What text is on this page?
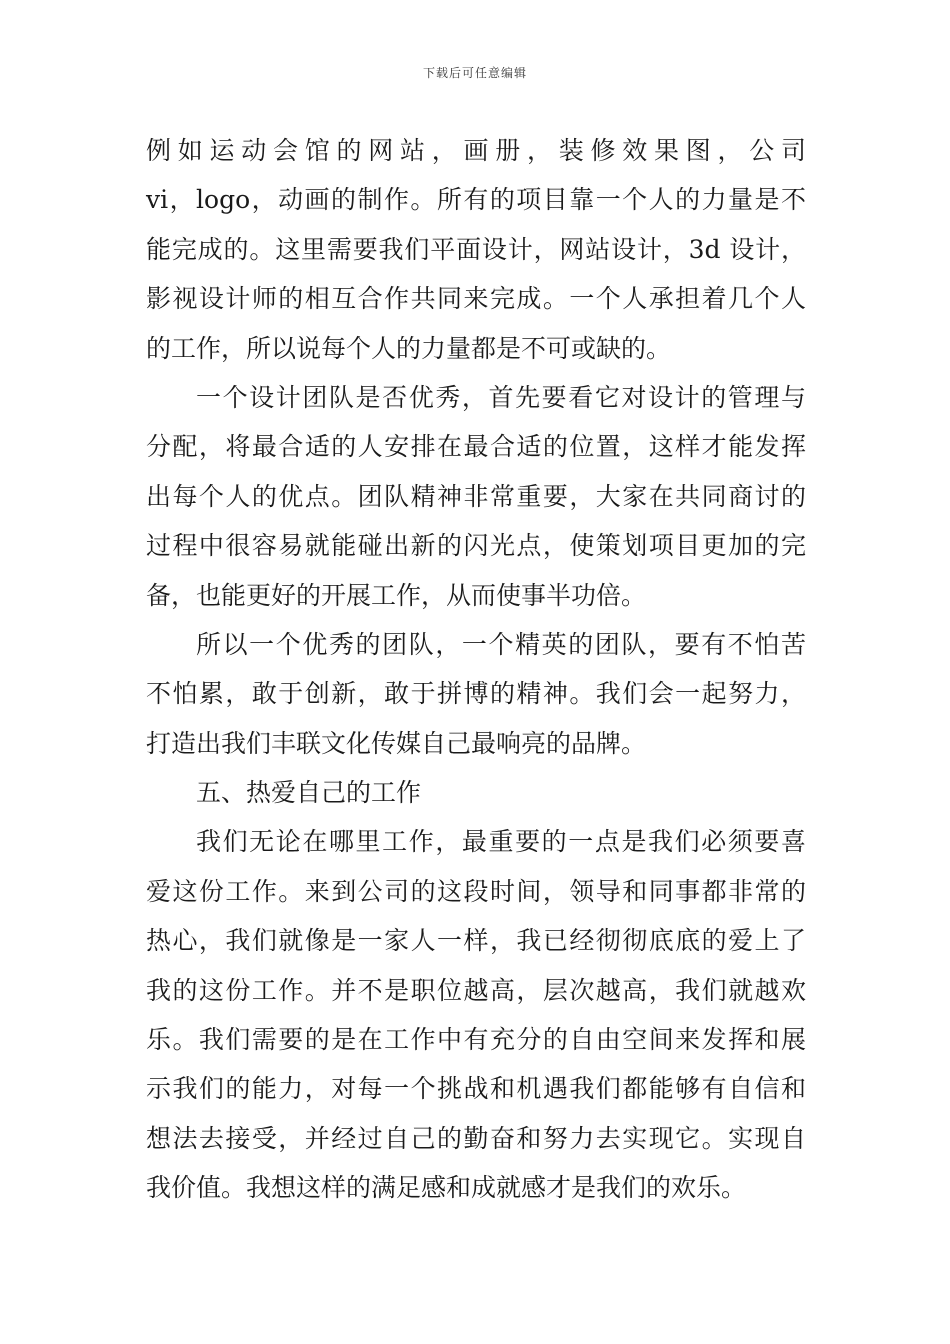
下载后可任意编辑
例如运动会馆的网站，画册，装修效果图，公司
vi，logo，动画的制作。所有的项目靠一个人的力量是不
能完成的。这里需要我们平面设计，网站设计，3d 设计，
影视设计师的相互合作共同来完成。一个人承担着几个人
的工作，所以说每个人的力量都是不可或缺的。
一个设计团队是否优秀，首先要看它对设计的管理与
分配，将最合适的人安排在最合适的位置，这样才能发挥
出每个人的优点。团队精神非常重要，大家在共同商讨的
过程中很容易就能碰出新的闪光点，使策划项目更加的完
备，也能更好的开展工作，从而使事半功倍。
所以一个优秀的团队，一个精英的团队，要有不怕苦
不怕累，敢于创新，敢于拼博的精神。我们会一起努力，
打造出我们丰联文化传媒自己最响亮的品牌。
五、热爱自己的工作
我们无论在哪里工作，最重要的一点是我们必须要喜
爱这份工作。来到公司的这段时间，领导和同事都非常的
热心，我们就像是一家人一样，我已经彻彻底底的爱上了
我的这份工作。并不是职位越高，层次越高，我们就越欢
乐。我们需要的是在工作中有充分的自由空间来发挥和展
示我们的能力，对每一个挑战和机遇我们都能够有自信和
想法去接受，并经过自己的勤奋和努力去实现它。实现自
我价值。我想这样的满足感和成就感才是我们的欢乐。
